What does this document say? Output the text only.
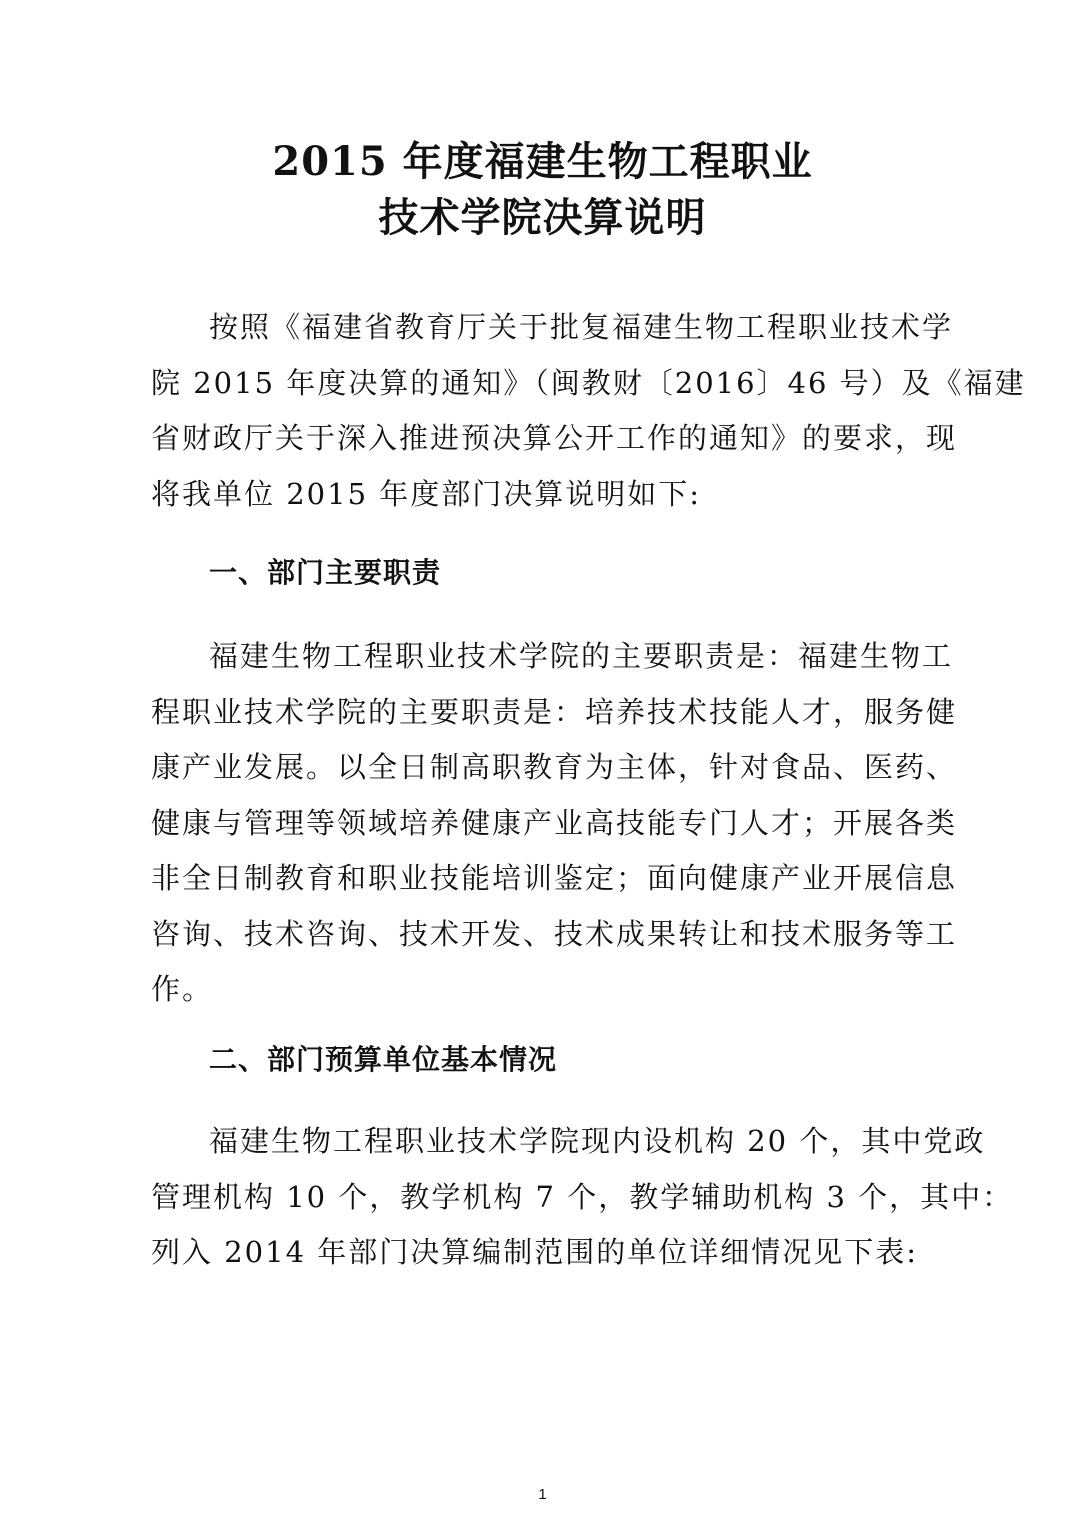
2015 年度福建生物工程职业
技术学院决算说明
按照《福建省教育厅关于批复福建生物工程职业技术学
院 2015 年度决算的通知》（闽教财〔2016〕46 号）及《福建
省财政厅关于深入推进预决算公开工作的通知》的要求，现
将我单位 2015 年度部门决算说明如下:
一、部门主要职责
福建生物工程职业技术学院的主要职责是：福建生物工
程职业技术学院的主要职责是：培养技术技能人才，服务健
康产业发展。以全日制高职教育为主体，针对食品、医药、
健康与管理等领域培养健康产业高技能专门人才；开展各类
非全日制教育和职业技能培训鉴定；面向健康产业开展信息
咨询、技术咨询、技术开发、技术成果转让和技术服务等工
作。
二、部门预算单位基本情况
福建生物工程职业技术学院现内设机构 20 个，其中党政
管理机构 10 个，教学机构 7 个，教学辅助机构 3 个，其中：
列入 2014 年部门决算编制范围的单位详细情况见下表:
1
